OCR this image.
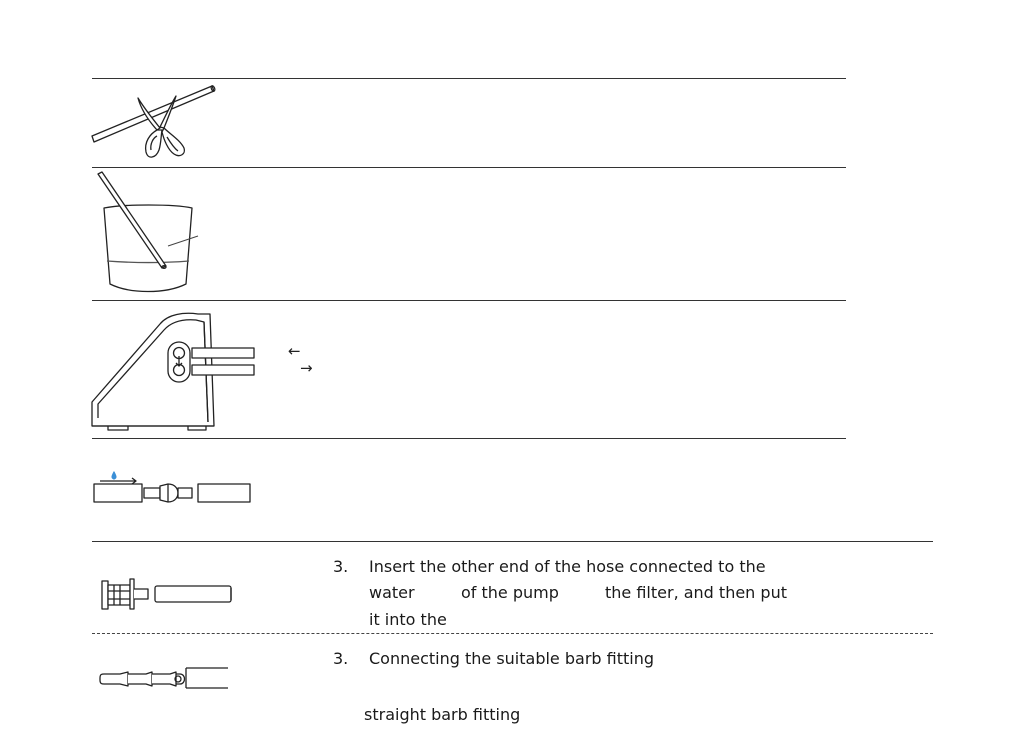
←
→
3. Insert the other end of the hose connected to the
water	of the pump	the filter, and then put
it into the
3. Connecting the suitable barb fitting
straight barb fitting
